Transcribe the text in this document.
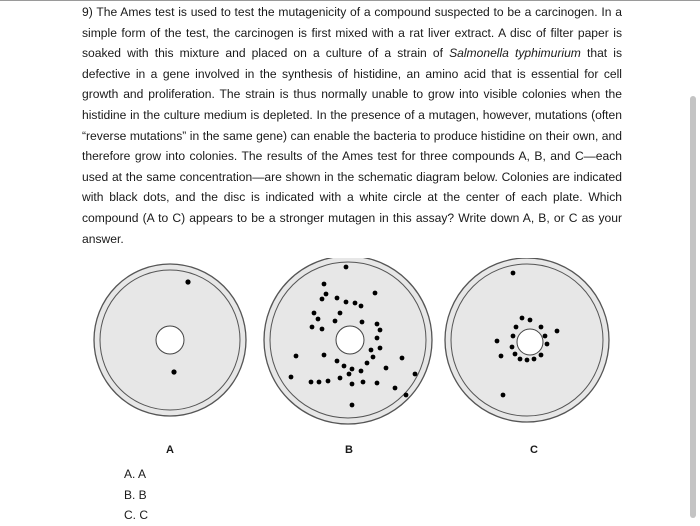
9) The Ames test is used to test the mutagenicity of a compound suspected to be a carcinogen. In a simple form of the test, the carcinogen is first mixed with a rat liver extract. A disc of filter paper is soaked with this mixture and placed on a culture of a strain of Salmonella typhimurium that is defective in a gene involved in the synthesis of histidine, an amino acid that is essential for cell growth and proliferation. The strain is thus normally unable to grow into visible colonies when the histidine in the culture medium is depleted. In the presence of a mutagen, however, mutations (often “reverse mutations” in the same gene) can enable the bacteria to produce histidine on their own, and therefore grow into colonies. The results of the Ames test for three compounds A, B, and C—each used at the same concentration—are shown in the schematic diagram below. Colonies are indicated with black dots, and the disc is indicated with a white circle at the center of each plate. Which compound (A to C) appears to be a stronger mutagen in this assay? Write down A, B, or C as your answer.

A	B	C
A. A
B. B
C. C
